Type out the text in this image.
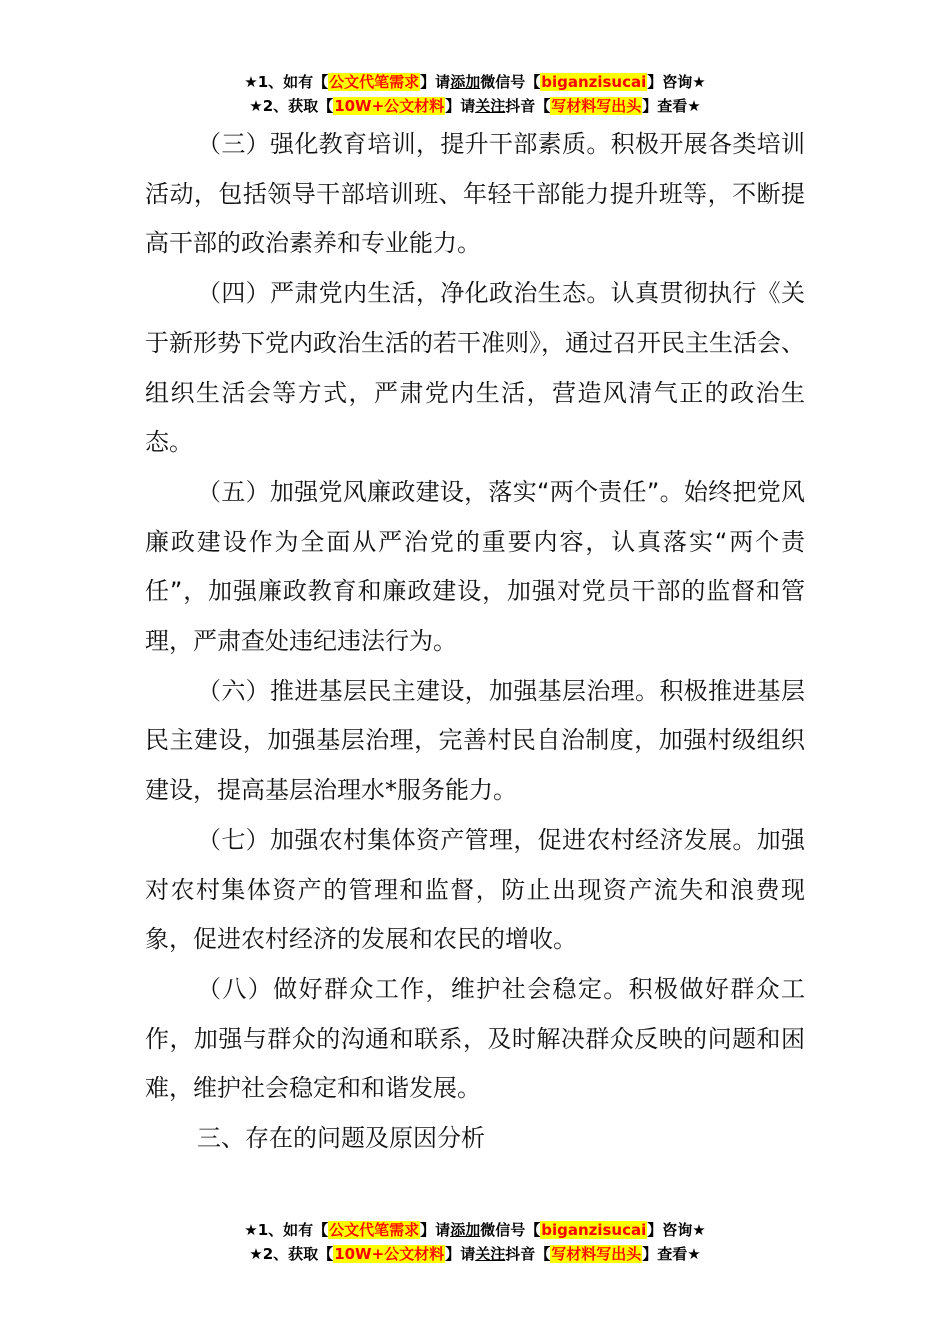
★1、如有【公文代笔需求】请添加微信号【biganzisucai】咨询★
★2、获取【10W+公文材料】请关注抖音【写材料写出头】查看★

（三）强化教育培训，提升干部素质。积极开展各类培训活动，包括领导干部培训班、年轻干部能力提升班等，不断提高干部的政治素养和专业能力。

（四）严肃党内生活，净化政治生态。认真贯彻执行《关于新形势下党内政治生活的若干准则》，通过召开民主生活会、组织生活会等方式，严肃党内生活，营造风清气正的政治生态。

（五）加强党风廉政建设，落实“两个责任”。始终把党风廉政建设作为全面从严治党的重要内容，认真落实“两个责任”，加强廉政教育和廉政建设，加强对党员干部的监督和管理，严肃查处违纪违法行为。

（六）推进基层民主建设，加强基层治理。积极推进基层民主建设，加强基层治理，完善村民自治制度，加强村级组织建设，提高基层治理水*服务能力。

（七）加强农村集体资产管理，促进农村经济发展。加强对农村集体资产的管理和监督，防止出现资产流失和浪费现象，促进农村经济的发展和农民的增收。

（八）做好群众工作，维护社会稳定。积极做好群众工作，加强与群众的沟通和联系，及时解决群众反映的问题和困难，维护社会稳定和和谐发展。

三、存在的问题及原因分析

★1、如有【公文代笔需求】请添加微信号【biganzisucai】咨询★
★2、获取【10W+公文材料】请关注抖音【写材料写出头】查看★
